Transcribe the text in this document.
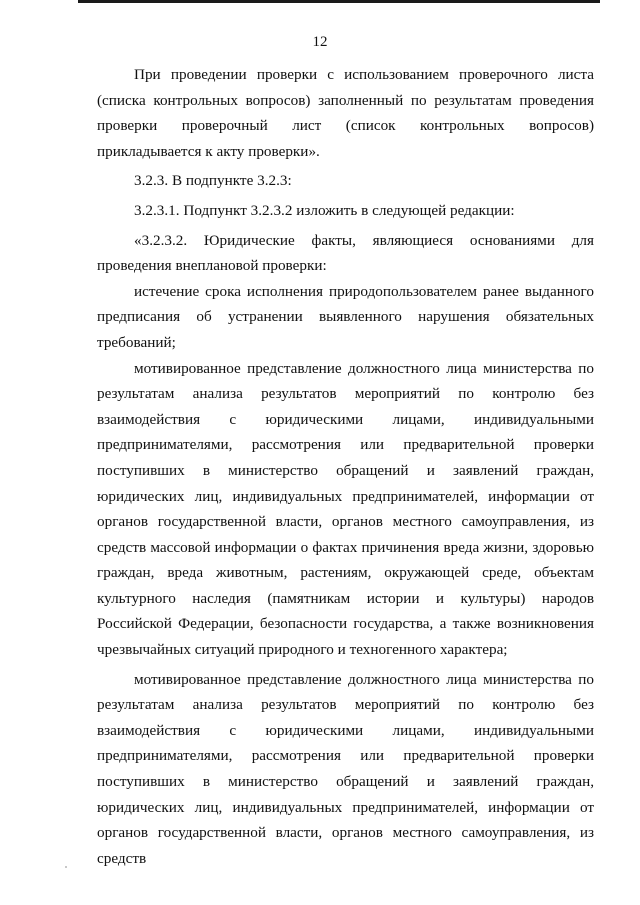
12

При проведении проверки с использованием проверочного листа (списка контрольных вопросов) заполненный по результатам проведения проверки проверочный лист (список контрольных вопросов) прикладывается к акту проверки».

3.2.3. В подпункте 3.2.3:

3.2.3.1. Подпункт 3.2.3.2 изложить в следующей редакции:

«3.2.3.2. Юридические факты, являющиеся основаниями для проведения внеплановой проверки:

истечение срока исполнения природопользователем ранее выданного предписания об устранении выявленного нарушения обязательных требований;

мотивированное представление должностного лица министерства по результатам анализа результатов мероприятий по контролю без взаимодействия с юридическими лицами, индивидуальными предпринимателями, рассмотрения или предварительной проверки поступивших в министерство обращений и заявлений граждан, юридических лиц, индивидуальных предпринимателей, информации от органов государственной власти, органов местного самоуправления, из средств массовой информации о фактах причинения вреда жизни, здоровью граждан, вреда животным, растениям, окружающей среде, объектам культурного наследия (памятникам истории и культуры) народов Российской Федерации, безопасности государства, а также возникновения чрезвычайных ситуаций природного и техногенного характера;

мотивированное представление должностного лица министерства по результатам анализа результатов мероприятий по контролю без взаимодействия с юридическими лицами, индивидуальными предпринимателями, рассмотрения или предварительной проверки поступивших в министерство обращений и заявлений граждан, юридических лиц, индивидуальных предпринимателей, информации от органов государственной власти, органов местного самоуправления, из средств
